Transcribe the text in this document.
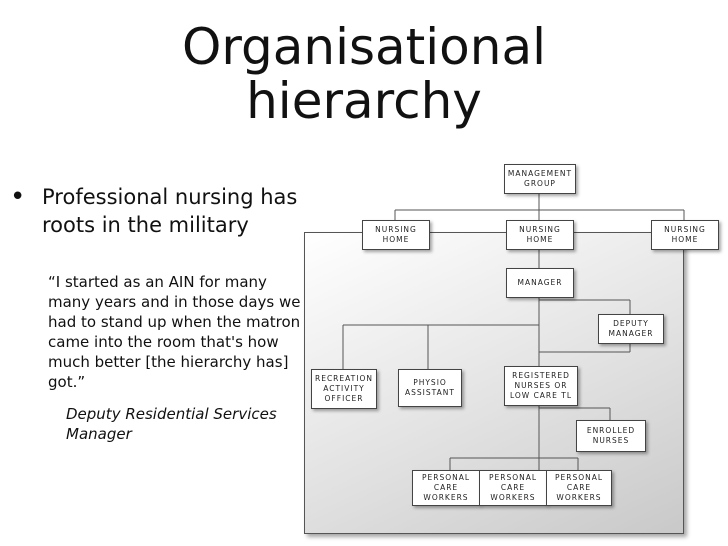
Organisational
hierarchy
• Professional nursing has
roots in the military
“I started as an AIN for many
many years and in those days we
had to stand up when the matron
came into the room that's how
much better [the hierarchy has]
got.”
Deputy Residential Services
Manager
MANAGEMENT
GROUP
NURSING
HOME
NURSING
HOME
NURSING
HOME
MANAGER
DEPUTY
MANAGER
RECREATION
ACTIVITY
OFFICER
PHYSIO
ASSISTANT
REGISTERED
NURSES OR
LOW CARE TL
ENROLLED
NURSES
PERSONAL
CARE
WORKERS
PERSONAL
CARE
WORKERS
PERSONAL
CARE
WORKERS
